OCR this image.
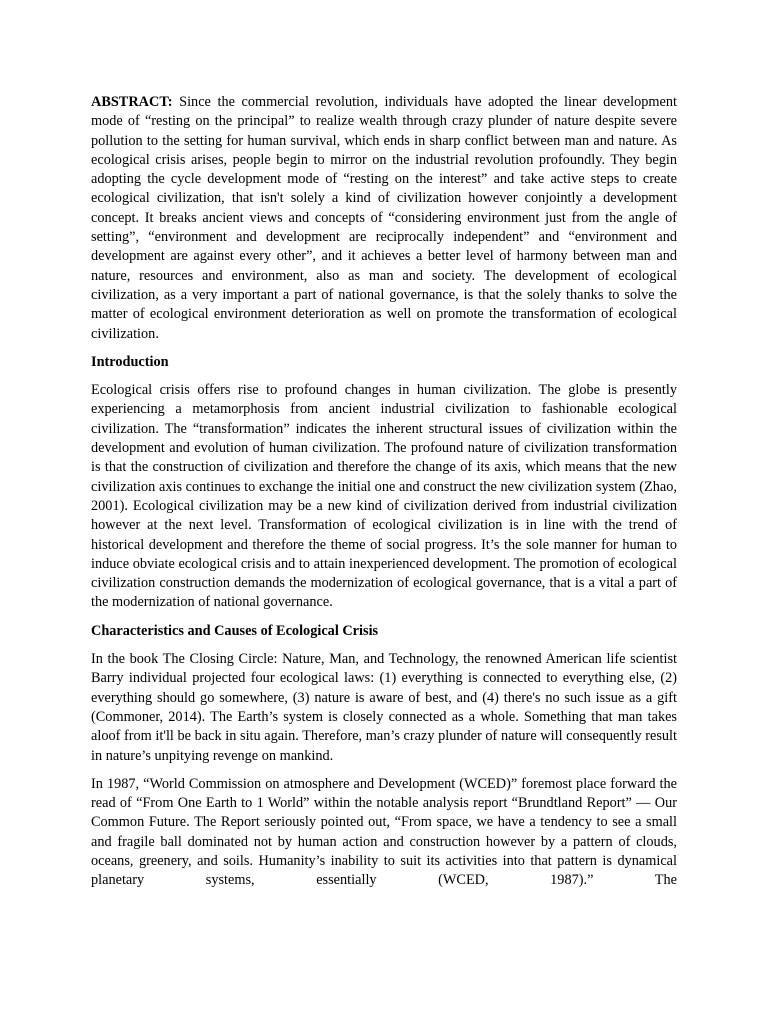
ABSTRACT: Since the commercial revolution, individuals have adopted the linear development mode of “resting on the principal” to realize wealth through crazy plunder of nature despite severe pollution to the setting for human survival, which ends in sharp conflict between man and nature. As ecological crisis arises, people begin to mirror on the industrial revolution profoundly. They begin adopting the cycle development mode of “resting on the interest” and take active steps to create ecological civilization, that isn't solely a kind of civilization however conjointly a development concept. It breaks ancient views and concepts of “considering environment just from the angle of setting”, “environment and development are reciprocally independent” and “environment and development are against every other”, and it achieves a better level of harmony between man and nature, resources and environment, also as man and society. The development of ecological civilization, as a very important a part of national governance, is that the solely thanks to solve the matter of ecological environment deterioration as well on promote the transformation of ecological civilization.

Introduction

Ecological crisis offers rise to profound changes in human civilization. The globe is presently experiencing a metamorphosis from ancient industrial civilization to fashionable ecological civilization. The “transformation” indicates the inherent structural issues of civilization within the development and evolution of human civilization. The profound nature of civilization transformation is that the construction of civilization and therefore the change of its axis, which means that the new civilization axis continues to exchange the initial one and construct the new civilization system (Zhao, 2001). Ecological civilization may be a new kind of civilization derived from industrial civilization however at the next level. Transformation of ecological civilization is in line with the trend of historical development and therefore the theme of social progress. It’s the sole manner for human to induce obviate ecological crisis and to attain inexperienced development. The promotion of ecological civilization construction demands the modernization of ecological governance, that is a vital a part of the modernization of national governance.

Characteristics and Causes of Ecological Crisis

In the book The Closing Circle: Nature, Man, and Technology, the renowned American life scientist Barry individual projected four ecological laws: (1) everything is connected to everything else, (2) everything should go somewhere, (3) nature is aware of best, and (4) there's no such issue as a gift (Commoner, 2014). The Earth’s system is closely connected as a whole. Something that man takes aloof from it'll be back in situ again. Therefore, man’s crazy plunder of nature will consequently result in nature’s unpitying revenge on mankind.

In 1987, “World Commission on atmosphere and Development (WCED)” foremost place forward the read of “From One Earth to 1 World” within the notable analysis report “Brundtland Report” — Our Common Future. The Report seriously pointed out, “From space, we have a tendency to see a small and fragile ball dominated not by human action and construction however by a pattern of clouds, oceans, greenery, and soils. Humanity’s inability to suit its activities into that pattern is dynamical planetary systems, essentially (WCED, 1987).” The
